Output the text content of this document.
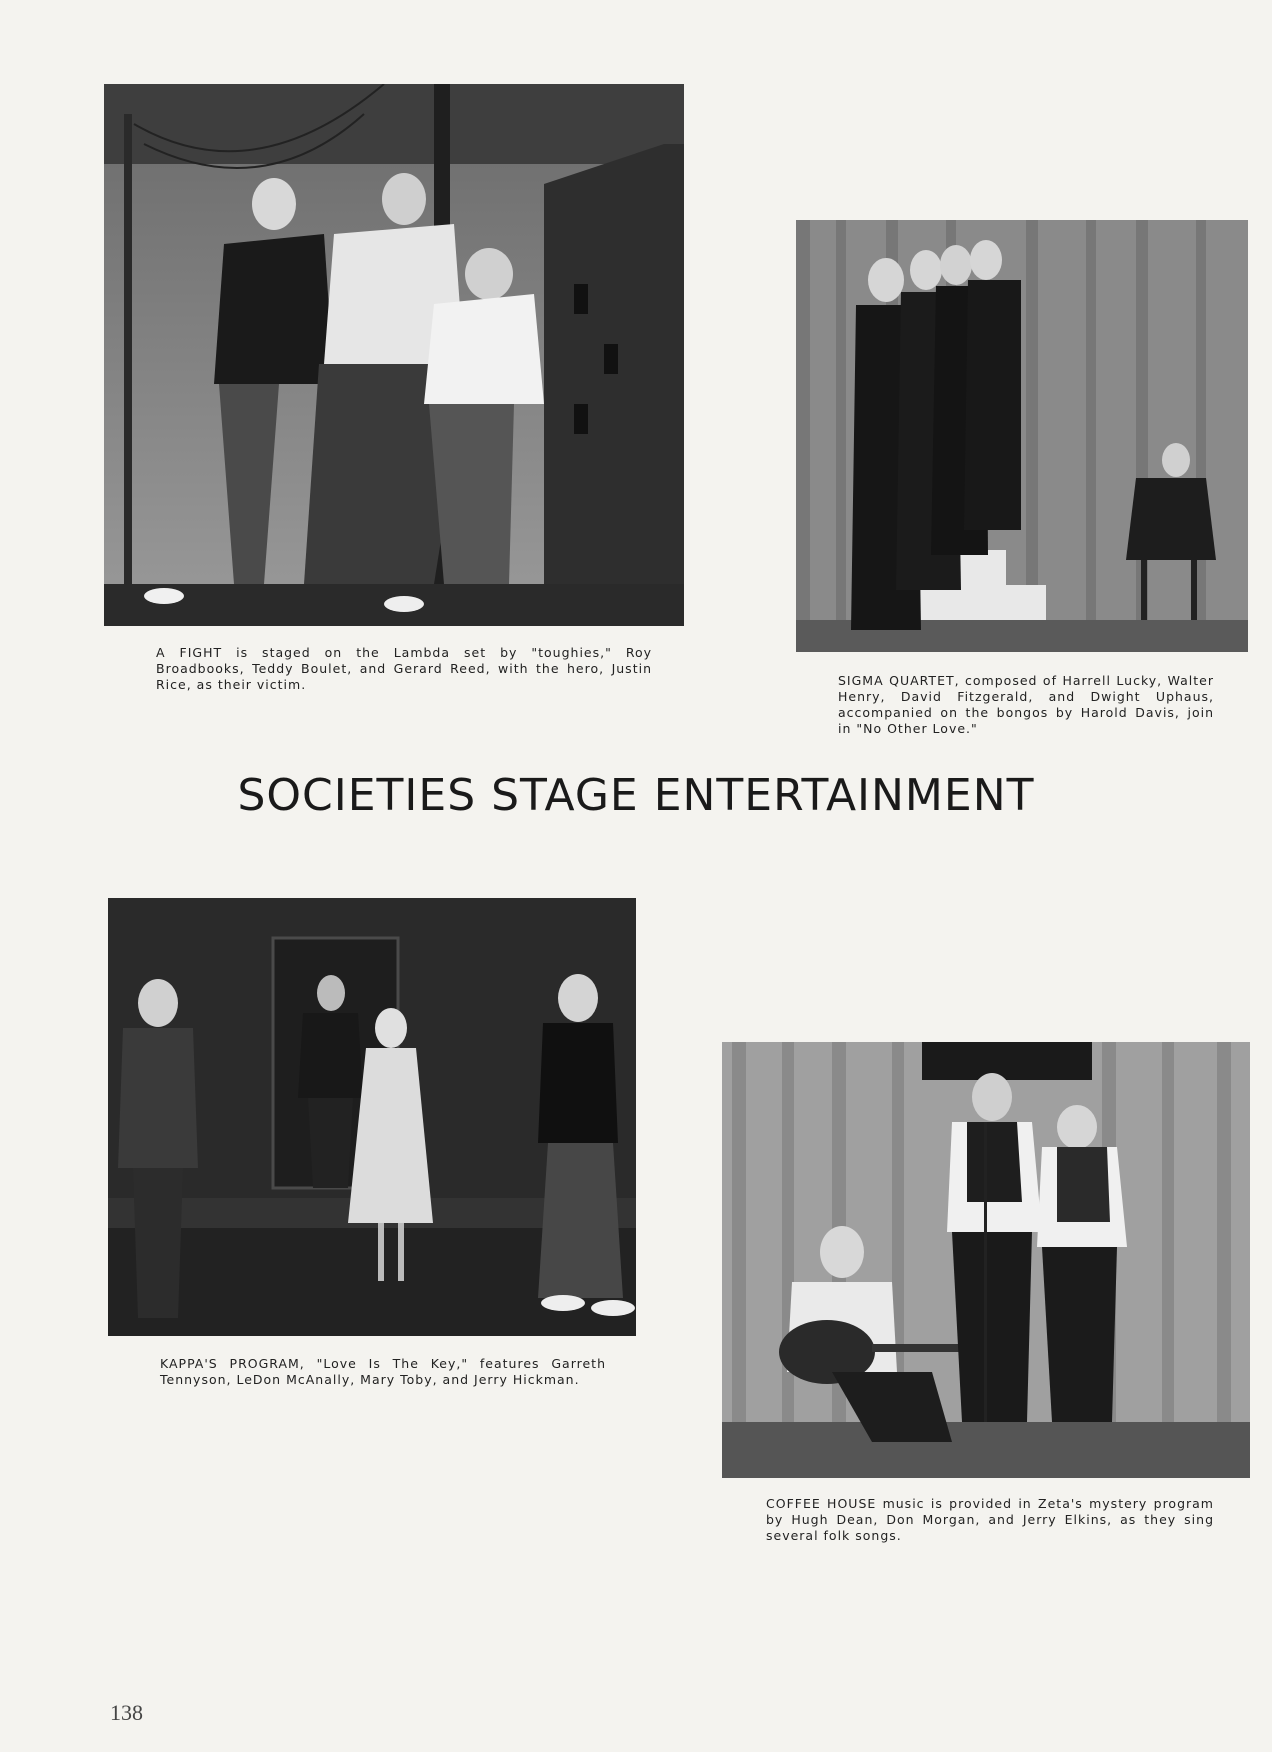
A FIGHT is staged on the Lambda set by "toughies," Roy Broadbooks, Teddy Boulet, and Gerard Reed, with the hero, Justin Rice, as their victim.	SIGMA QUARTET, composed of Harrell Lucky, Walter Henry, David Fitzgerald, and Dwight Uphaus, accompanied on the bongos by Harold Davis, join in "No Other Love."

SOCIETIES STAGE ENTERTAINMENT

KAPPA'S PROGRAM, "Love Is The Key," features Garreth Tennyson, LeDon McAnally, Mary Toby, and Jerry Hickman.

COFFEE HOUSE music is provided in Zeta's mystery program by Hugh Dean, Don Morgan, and Jerry Elkins, as they sing several folk songs.

138
